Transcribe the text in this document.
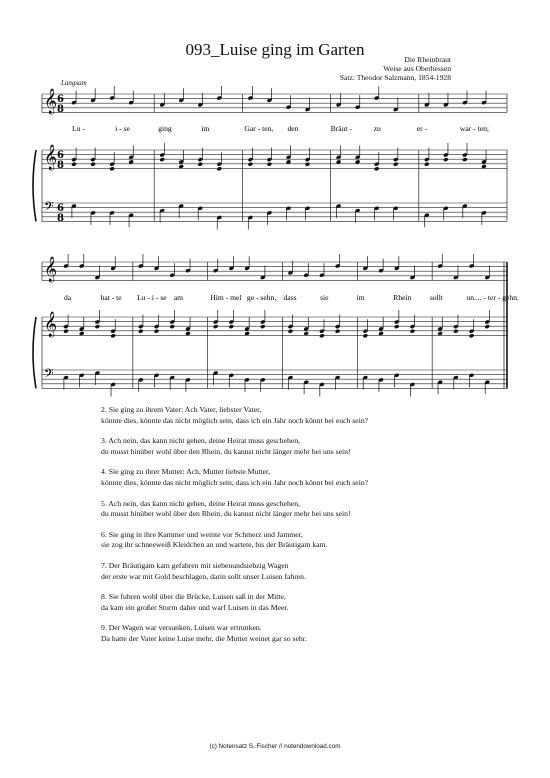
093_Luise ging im Garten
Die Rheinbraut
Weise aus Oberhessen
Satz: Theodor Salzmann, 1854-1928
Langsam
𝄞
𝄞
𝄢
6
8
6
8
6
8
𝄞
𝄞
𝄢
Lu -	i - se	ging	im	Gar - ten, den	Bräut -	zu	er -	war - ten;
da	hat - te Lu - i - se am	Him - mel ge - sehn, dass	sie	im	Rhein sollt	un.... - ter - gehn.
2. Sie ging zu ihrem Vater: Ach Vater, liebster Vater,
könnte dies, könnte das nicht möglich sein, dass ich ein Jahr noch könnt bei euch sein?
3. Ach nein, das kann nicht gehen, deine Heirat muss geschehen,
du musst hinüber wohl über den Rhein, du kannst nicht länger mehr bei uns sein!
4. Sie ging zu ihrer Mutter: Ach, Mutter liebste Mutter,
könnte dies, könnte das nicht möglich sein, dass ich ein Jahr noch könnt bei euch sein?
5. Ach nein, das kann nicht gehen, deine Heirat muss geschehen,
du musst hinüber wohl über den Rhein, du kannst nicht länger mehr bei uns sein!
6. Sie ging in ihre Kammer und weinte vor Schmerz und Jammer,
sie zog ihr schneeweiß Kleidchen an und wartete, bis der Bräutigam kam.
7. Der Bräutigam kam gefahren mit siebenundsiebzig Wagen
der erste war mit Gold beschlagen, darin sollt unser Luisen fahren.
8. Sie fuhren wohl über die Brücke, Luisen saß in der Mitte,
da kam ein großer Sturm daher und warf Luisen in das Meer.
9. Der Wagen war versunken, Luisen war ertrunken.
Da hatte der Vater keine Luise mehr, die Mutter weinet gar so sehr.
(c) Notensatz S. Fischer // notendownload.com
